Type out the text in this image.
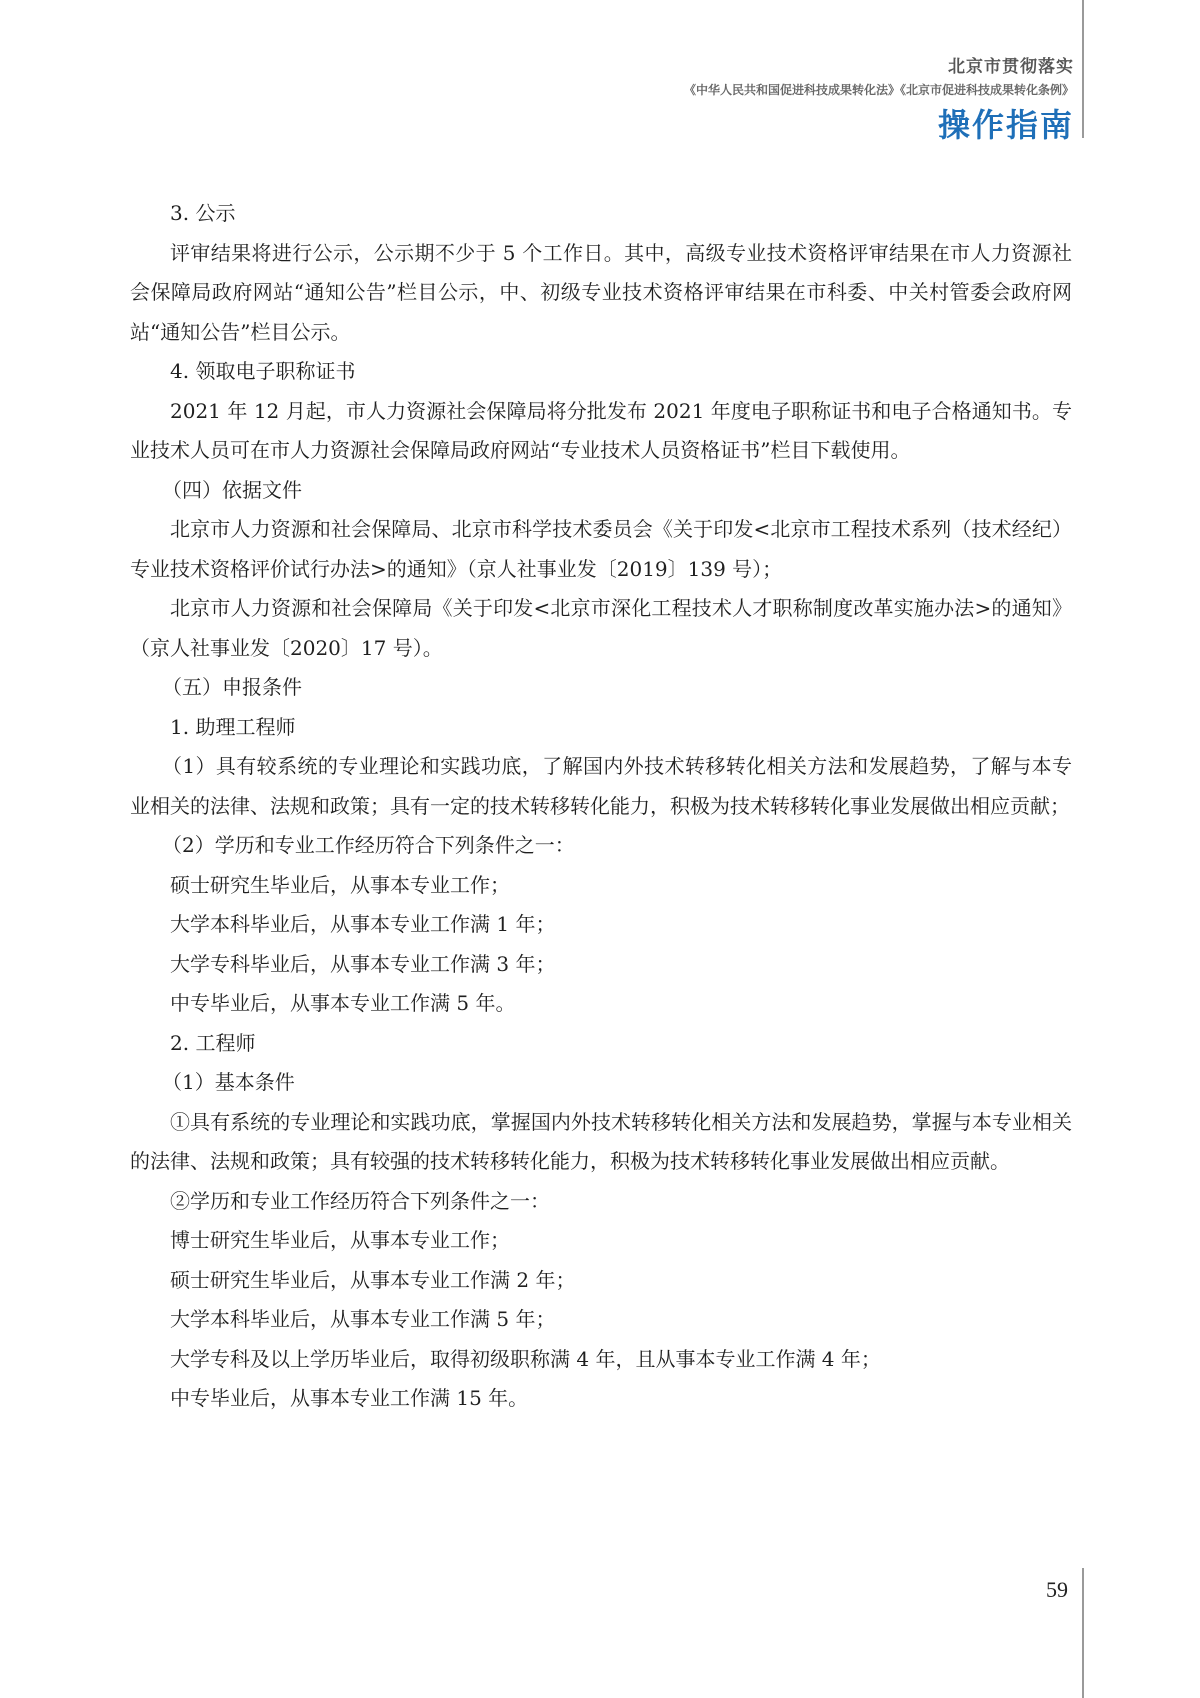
北京市贯彻落实
《中华人民共和国促进科技成果转化法》《北京市促进科技成果转化条例》
操作指南

3. 公示

评审结果将进行公示，公示期不少于 5 个工作日。其中，高级专业技术资格评审结果在市人力资源社会保障局政府网站“通知公告”栏目公示，中、初级专业技术资格评审结果在市科委、中关村管委会政府网站“通知公告”栏目公示。

4. 领取电子职称证书

2021 年 12 月起，市人力资源社会保障局将分批发布 2021 年度电子职称证书和电子合格通知书。专业技术人员可在市人力资源社会保障局政府网站“专业技术人员资格证书”栏目下载使用。

（四）依据文件

北京市人力资源和社会保障局、北京市科学技术委员会《关于印发<北京市工程技术系列（技术经纪）专业技术资格评价试行办法>的通知》（京人社事业发〔2019〕139 号）；

北京市人力资源和社会保障局《关于印发<北京市深化工程技术人才职称制度改革实施办法>的通知》（京人社事业发〔2020〕17 号）。

（五）申报条件

1. 助理工程师

（1）具有较系统的专业理论和实践功底，了解国内外技术转移转化相关方法和发展趋势，了解与本专业相关的法律、法规和政策；具有一定的技术转移转化能力，积极为技术转移转化事业发展做出相应贡献；

（2）学历和专业工作经历符合下列条件之一：

硕士研究生毕业后，从事本专业工作；

大学本科毕业后，从事本专业工作满 1 年；

大学专科毕业后，从事本专业工作满 3 年；

中专毕业后，从事本专业工作满 5 年。

2. 工程师

（1）基本条件

①具有系统的专业理论和实践功底，掌握国内外技术转移转化相关方法和发展趋势，掌握与本专业相关的法律、法规和政策；具有较强的技术转移转化能力，积极为技术转移转化事业发展做出相应贡献。

②学历和专业工作经历符合下列条件之一：

博士研究生毕业后，从事本专业工作；

硕士研究生毕业后，从事本专业工作满 2 年；

大学本科毕业后，从事本专业工作满 5 年；

大学专科及以上学历毕业后，取得初级职称满 4 年，且从事本专业工作满 4 年；

中专毕业后，从事本专业工作满 15 年。

59
